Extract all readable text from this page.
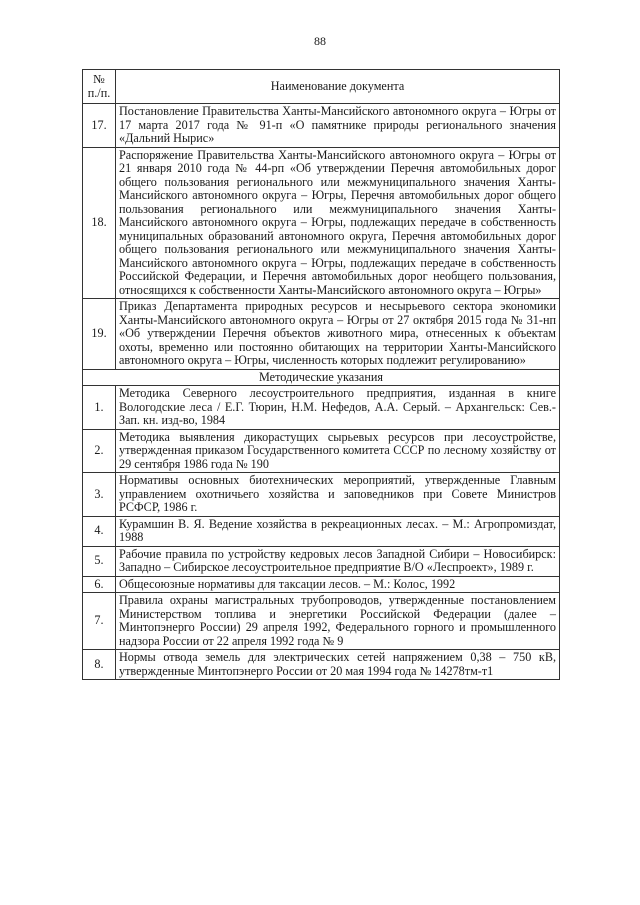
88
№
п./п.	Наименование документа
17.	Постановление Правительства Ханты-Мансийского автономного округа – Югры от 17 марта 2017 года № 91-п «О памятнике природы регионального значения «Дальний Нырис»
18.	Распоряжение Правительства Ханты-Мансийского автономного округа – Югры от 21 января 2010 года № 44-рп «Об утверждении Перечня автомобильных дорог общего пользования регионального или межмуниципального значения Ханты-Мансийского автономного округа – Югры, Перечня автомобильных дорог общего пользования регионального или межмуниципального значения Ханты-Мансийского автономного округа – Югры, подлежащих передаче в собственность муниципальных образований автономного округа, Перечня автомобильных дорог общего пользования регионального или межмуниципального значения Ханты-Мансийского автономного округа – Югры, подлежащих передаче в собственность Российской Федерации, и Перечня автомобильных дорог необщего пользования, относящихся к собственности Ханты-Мансийского автономного округа – Югры»
19.	Приказ Департамента природных ресурсов и несырьевого сектора экономики Ханты-Мансийского автономного округа – Югры от 27 октября 2015 года № 31-нп «Об утверждении Перечня объектов животного мира, отнесенных к объектам охоты, временно или постоянно обитающих на территории Ханты-Мансийского автономного округа – Югры, численность которых подлежит регулированию»
Методические указания	
1.	Методика Северного лесоустроительного предприятия, изданная в книге Вологодские леса / Е.Г. Тюрин, Н.М. Нефедов, А.А. Серый. – Архангельск: Сев.-Зап. кн. изд-во, 1984
2.	Методика выявления дикорастущих сырьевых ресурсов при лесоустройстве, утвержденная приказом Государственного комитета СССР по лесному хозяйству от 29 сентября 1986 года № 190
3.	Нормативы основных биотехнических мероприятий, утвержденные Главным управлением охотничьего хозяйства и заповедников при Совете Министров РСФСР, 1986 г.
4.	Курамшин В. Я. Ведение хозяйства в рекреационных лесах. – М.: Агропромиздат, 1988
5.	Рабочие правила по устройству кедровых лесов Западной Сибири – Новосибирск: Западно – Сибирское лесоустроительное предприятие В/О «Леспроект», 1989 г.
6.	Общесоюзные нормативы для таксации лесов. – М.: Колос, 1992
7.	Правила охраны магистральных трубопроводов, утвержденные постановлением Министерством топлива и энергетики Российской Федерации (далее – Минтопэнерго России) 29 апреля 1992, Федерального горного и промышленного надзора России от 22 апреля 1992 года № 9
8.	Нормы отвода земель для электрических сетей напряжением 0,38 – 750 кВ, утвержденные Минтопэнерго России от 20 мая 1994 года № 14278тм-т1
